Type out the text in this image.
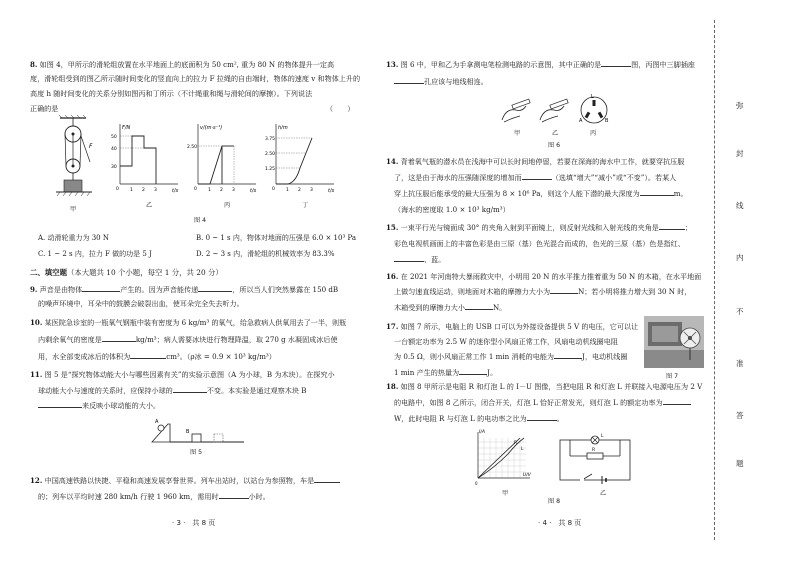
8. 如图 4，甲所示的滑轮组放置在水平地面上的底面积为 50 cm², 重为 80 N 的物体提升一定高
度，滑轮组受到的图乙所示随时间变化的竖直向上的拉力 F 拉绳的自由端时，物体的速度 v 和物体上升的
高度 h 随时间变化的关系分别如图丙和丁所示（不计绳重和绳与滑轮间的摩擦）。下列说法
正确的是	（　　）
F
F/N
t/s
50
40
30
0 1 2 3
v/(m·s⁻¹)
t/s
2.50
0 1 2 3
h/m
t/s
3.75
2.50
1.25
0 1 2 3
甲
乙	丙	丁
图 4
A. 动滑轮重力为 30 N	B. 0 ~ 1 s 内，物体对地面的压强是 6.0 × 10³ Pa
C. 1 ~ 2 s 内，拉力 F 做的功是 5 J	D. 2 ~ 3 s 内，滑轮组的机械效率为 83.3%
二、填空题（本大题共 10 个小题，每空 1 分，共 20 分）
9. 声音是由物体	产生的。因为声音能传递	，所以当人们突然暴露在 150 dB
的噪声环境中，耳朵中的鼓膜会破裂出血，使耳朵完全失去听力。
10. 某医院急诊室的一瓶氧气钢瓶中装有密度为 6 kg/m³ 的氧气，给急救病人供氧用去了一半，则瓶
内剩余氧气的密度是	kg/m³；病人需要冰块进行物理降温，取 270 g 水凝固成冰后使
用，水全部变成冰后的体积为	cm³。（ρ冰 = 0.9 × 10³ kg/m³）
11. 图 5 是“探究物体动能大小与哪些因素有关”的实验示意图（A 为小球，B 为木块）。在探究小
球动能大小与速度的关系时，应保持小球的	不变。本实验是通过观察木块 B
来反映小球动能的大小。
A
B
图 5
12. 中国高速铁路以快捷、平稳和高速发展享誉世界。列车出站时，以站台为参照物，车是
的；列车以平均时速 280 km/h 行驶 1 960 km，需用时	小时。
· 3 ·　共 8 页
13. 图 6 中，甲和乙为手拿测电笔检测电路的示意图，其中正确的是	图，丙图中三脚插座
孔应该与地线相连。
L
A	B
甲	乙	丙
图 6
14. 背着氧气瓶的潜水员在浅海中可以长时间地停留，若要在深海的海水中工作，就要穿抗压服
了，这是由于海水的压强随深度的增加而	（选填“增大”“减小”或“不变”）。若某人
穿上抗压服后能承受的最大压强为 8 × 10⁶ Pa，则这个人能下潜的最大深度为	m。
（海水的密度取 1.0 × 10³ kg/m³）
15. 一束平行光与镜面成 30° 的夹角入射到平面镜上，则反射光线和入射光线的夹角是	；
彩色电视机画面上的丰富色彩是由三原（基）色光混合而成的，色光的三原（基）色是指红、
、蓝。
16. 在 2021 年河南特大暴雨救灾中，小明用 20 N 的水平推力推着重为 50 N 的木箱，在水平地面
上做匀速直线运动，则地面对木箱的摩擦力大小为	N；若小明将推力增大到 30 N 时，
木箱受到的摩擦力大小	N。
17. 如图 7 所示，电脑上的 USB 口可以为外接设备提供 5 V 的电压，它可以让
一台额定功率为 2.5 W 的迷你型小风扇正常工作，风扇电动机线圈电阻
为 0.5 Ω，则小风扇正常工作 1 min 消耗的电能为	J，电动机线圈
1 min 产生的热量为	J。	图 7
18. 如图 8 甲所示是电阻 R 和灯泡 L 的 I－U 图像，当把电阻 R 和灯泡 L 并联接入电源电压为 2 V
的电路中，如图 8 乙所示，闭合开关，灯泡 L 恰好正常发光，则灯泡 L 的额定功率为
W，此时电阻 R 与灯泡 L 的电功率之比为	。
I/A
U/V
R
L
0
L
R
甲	乙
图 8
· 4 ·　共 8 页
弥
封
线
内
不
准
答
题
